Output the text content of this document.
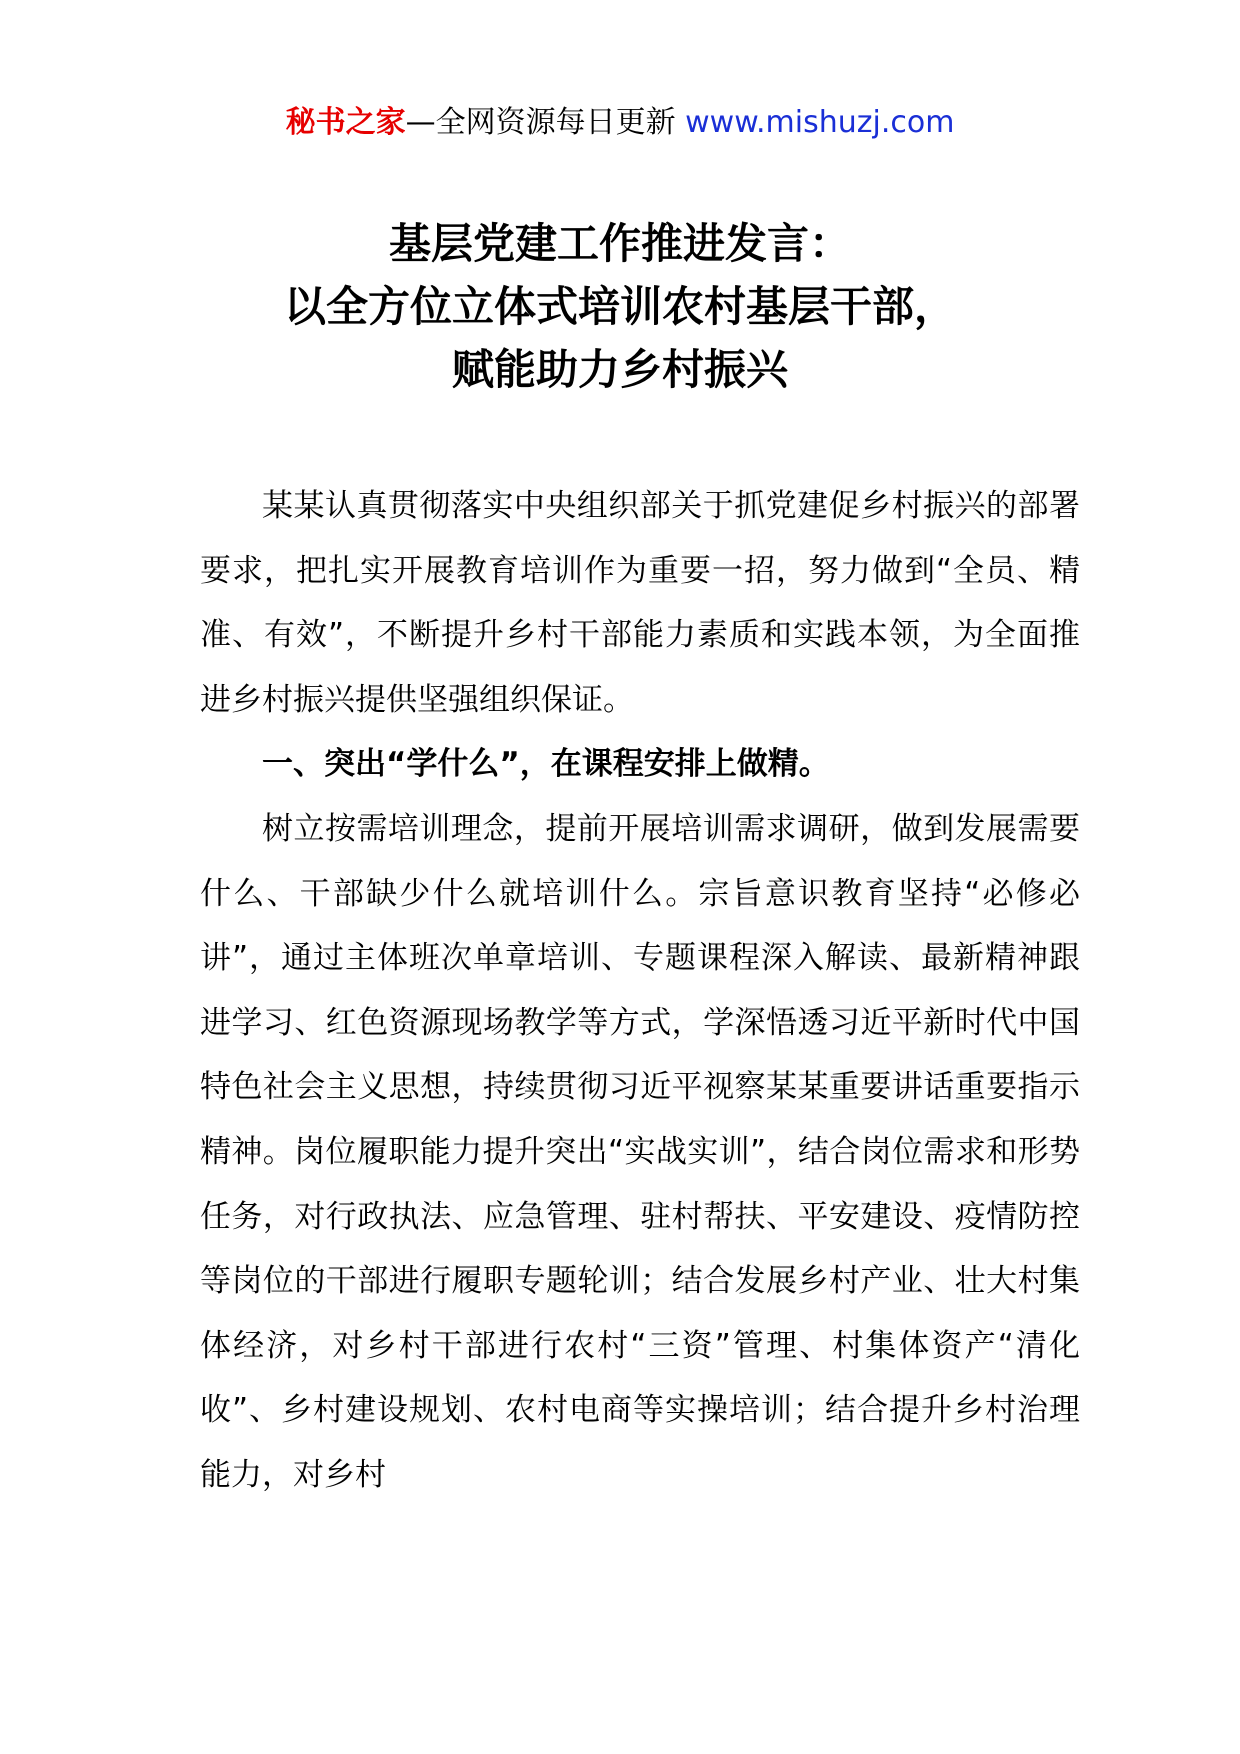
秘书之家—全网资源每日更新 www.mishuzj.com
基层党建工作推进发言：
以全方位立体式培训农村基层干部，
赋能助力乡村振兴

某某认真贯彻落实中央组织部关于抓党建促乡村振兴的部署要求，把扎实开展教育培训作为重要一招，努力做到“全员、精准、有效”，不断提升乡村干部能力素质和实践本领，为全面推进乡村振兴提供坚强组织保证。

一、突出“学什么”，在课程安排上做精。

树立按需培训理念，提前开展培训需求调研，做到发展需要什么、干部缺少什么就培训什么。宗旨意识教育坚持“必修必讲”，通过主体班次单章培训、专题课程深入解读、最新精神跟进学习、红色资源现场教学等方式，学深悟透习近平新时代中国特色社会主义思想，持续贯彻习近平视察某某重要讲话重要指示精神。岗位履职能力提升突出“实战实训”，结合岗位需求和形势任务，对行政执法、应急管理、驻村帮扶、平安建设、疫情防控等岗位的干部进行履职专题轮训；结合发展乡村产业、壮大村集体经济，对乡村干部进行农村“三资”管理、村集体资产“清化收”、乡村建设规划、农村电商等实操培训；结合提升乡村治理能力，对乡村
